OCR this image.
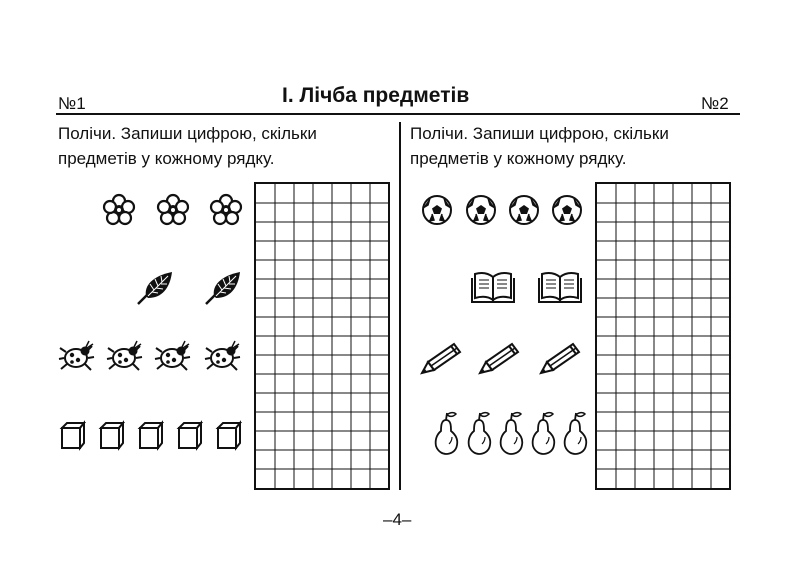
№1	І. Лічба предметів	№2
Полічи. Запиши цифрою, скільки
предметів у кожному рядку.
Полічи. Запиши цифрою, скільки
предметів у кожному рядку.
–4–
